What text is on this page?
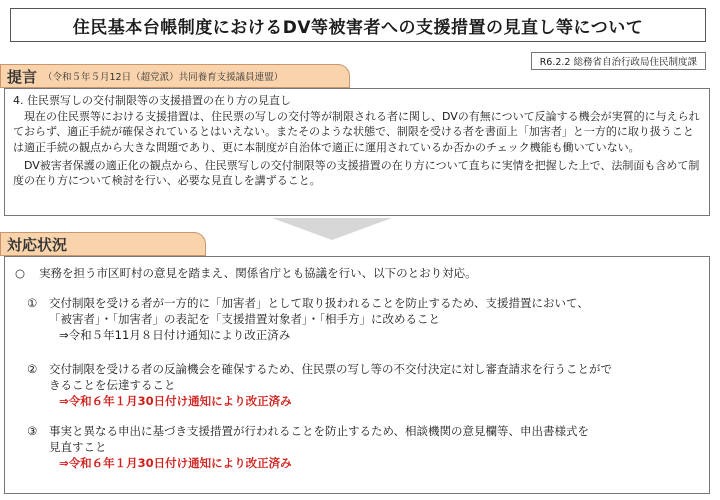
住民基本台帳制度におけるDV等被害者への支援措置の見直し等について
R6.2.2 総務省自治行政局住民制度課
提言 （令和５年５月12日（超党派）共同養育支援議員連盟）

4. 住民票写しの交付制限等の支援措置の在り方の見直し

現在の住民票等における支援措置は、住民票の写しの交付等が制限される者に関し、DVの有無について反論する機会が実質的に与えられておらず、適正手続が確保されているとはいえない。またそのような状態で、制限を受ける者を書面上「加害者」と一方的に取り扱うことは適正手続の観点から大きな問題であり、更に本制度が自治体で適正に運用されているか否かのチェック機能も働いていない。

DV被害者保護の適正化の観点から、住民票写しの交付制限等の支援措置の在り方について直ちに実情を把握した上で、法制面も含めて制度の在り方について検討を行い、必要な見直しを講ずること。

対応状況
○ 実務を担う市区町村の意見を踏まえ、関係省庁とも協議を行い、以下のとおり対応。
① 交付制限を受ける者が一方的に「加害者」として取り扱われることを防止するため、支援措置において、
「被害者」・「加害者」の表記を「支援措置対象者」・「相手方」に改めること
⇒令和５年11月８日付け通知により改正済み
② 交付制限を受ける者の反論機会を確保するため、住民票の写し等の不交付決定に対し審査請求を行うことがで
きることを伝達すること
⇒令和６年１月30日付け通知により改正済み
③ 事実と異なる申出に基づき支援措置が行われることを防止するため、相談機関の意見欄等、申出書様式を
見直すこと
⇒令和６年１月30日付け通知により改正済み
